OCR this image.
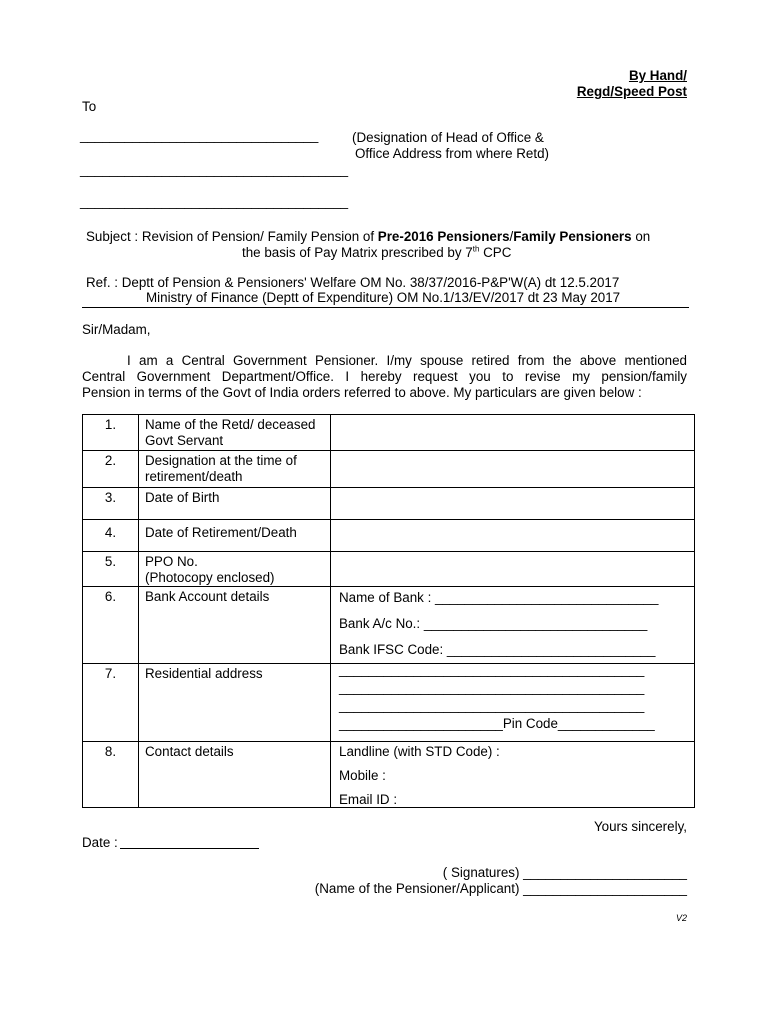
By Hand/
Regd/Speed Post
To
________________________________	(Designation of Head of Office &
Office Address from where Retd)
____________________________________
____________________________________
Subject : Revision of Pension/ Family Pension of Pre-2016 Pensioners/Family Pensioners on
the basis of Pay Matrix prescribed by 7th CPC
Ref. : Deptt of Pension & Pensioners' Welfare OM No. 38/37/2016-P&P'W(A) dt 12.5.2017
Ministry of Finance (Deptt of Expenditure) OM No.1/13/EV/2017 dt 23 May 2017
Sir/Madam,
I am a Central Government Pensioner. I/my spouse retired from the above mentioned
Central Government Department/Office. I hereby request you to revise my pension/family
Pension in terms of the Govt of India orders referred to above. My particulars are given below :
1.	Name of the Retd/ deceased Govt Servant	
2.	Designation at the time of retirement/death	
3.	Date of Birth	
4.	Date of Retirement/Death	
5.	PPO No.
(Photocopy enclosed)	

6.	Bank Account details	Name of Bank : ______________________________
Bank A/c No.: ______________________________
Bank IFSC Code: ____________________________

7.	Residential address	_________________________________________
_________________________________________
_________________________________________
______________________Pin Code_____________

8.	Contact details	Landline (with STD Code) :
Mobile :
Email ID :
Yours sincerely,
Date :
( Signatures) ______________________
(Name of the Pensioner/Applicant) ______________________
V2
